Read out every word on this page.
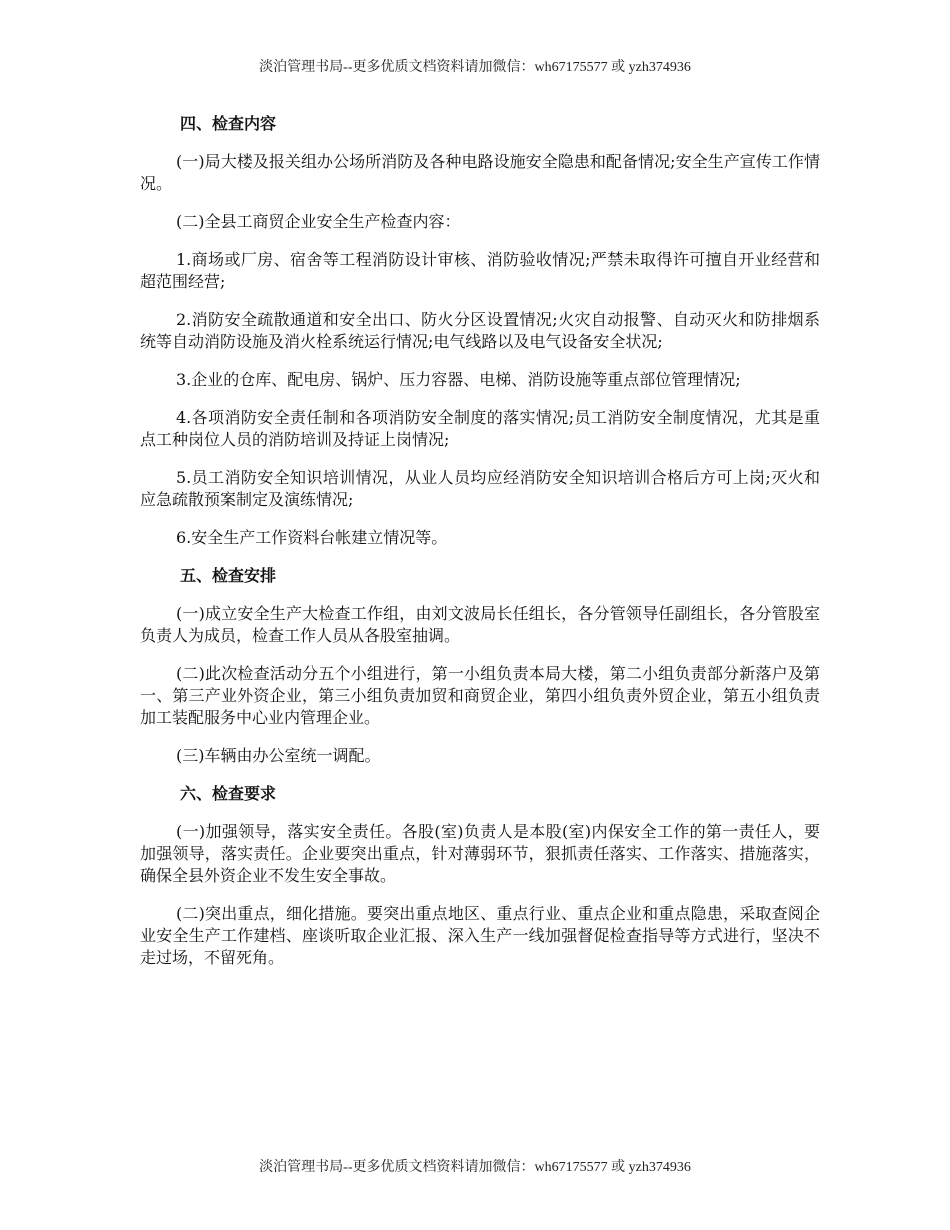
淡泊管理书局--更多优质文档资料请加微信：wh67175577 或 yzh374936
四、检查内容

(一)局大楼及报关组办公场所消防及各种电路设施安全隐患和配备情况;安全生产宣传工作情况。

(二)全县工商贸企业安全生产检查内容：

1.商场或厂房、宿舍等工程消防设计审核、消防验收情况;严禁未取得许可擅自开业经营和超范围经营;

2.消防安全疏散通道和安全出口、防火分区设置情况;火灾自动报警、自动灭火和防排烟系统等自动消防设施及消火栓系统运行情况;电气线路以及电气设备安全状况;

3.企业的仓库、配电房、锅炉、压力容器、电梯、消防设施等重点部位管理情况;

4.各项消防安全责任制和各项消防安全制度的落实情况;员工消防安全制度情况，尤其是重点工种岗位人员的消防培训及持证上岗情况;

5.员工消防安全知识培训情况，从业人员均应经消防安全知识培训合格后方可上岗;灭火和应急疏散预案制定及演练情况;

6.安全生产工作资料台帐建立情况等。

五、检查安排

(一)成立安全生产大检查工作组，由刘文波局长任组长，各分管领导任副组长，各分管股室负责人为成员，检查工作人员从各股室抽调。

(二)此次检查活动分五个小组进行，第一小组负责本局大楼，第二小组负责部分新落户及第一、第三产业外资企业，第三小组负责加贸和商贸企业，第四小组负责外贸企业，第五小组负责加工装配服务中心业内管理企业。

(三)车辆由办公室统一调配。

六、检查要求

(一)加强领导，落实安全责任。各股(室)负责人是本股(室)内保安全工作的第一责任人，要加强领导，落实责任。企业要突出重点，针对薄弱环节，狠抓责任落实、工作落实、措施落实，确保全县外资企业不发生安全事故。

(二)突出重点，细化措施。要突出重点地区、重点行业、重点企业和重点隐患，采取查阅企业安全生产工作建档、座谈听取企业汇报、深入生产一线加强督促检查指导等方式进行，坚决不走过场，不留死角。

淡泊管理书局--更多优质文档资料请加微信：wh67175577 或 yzh374936
